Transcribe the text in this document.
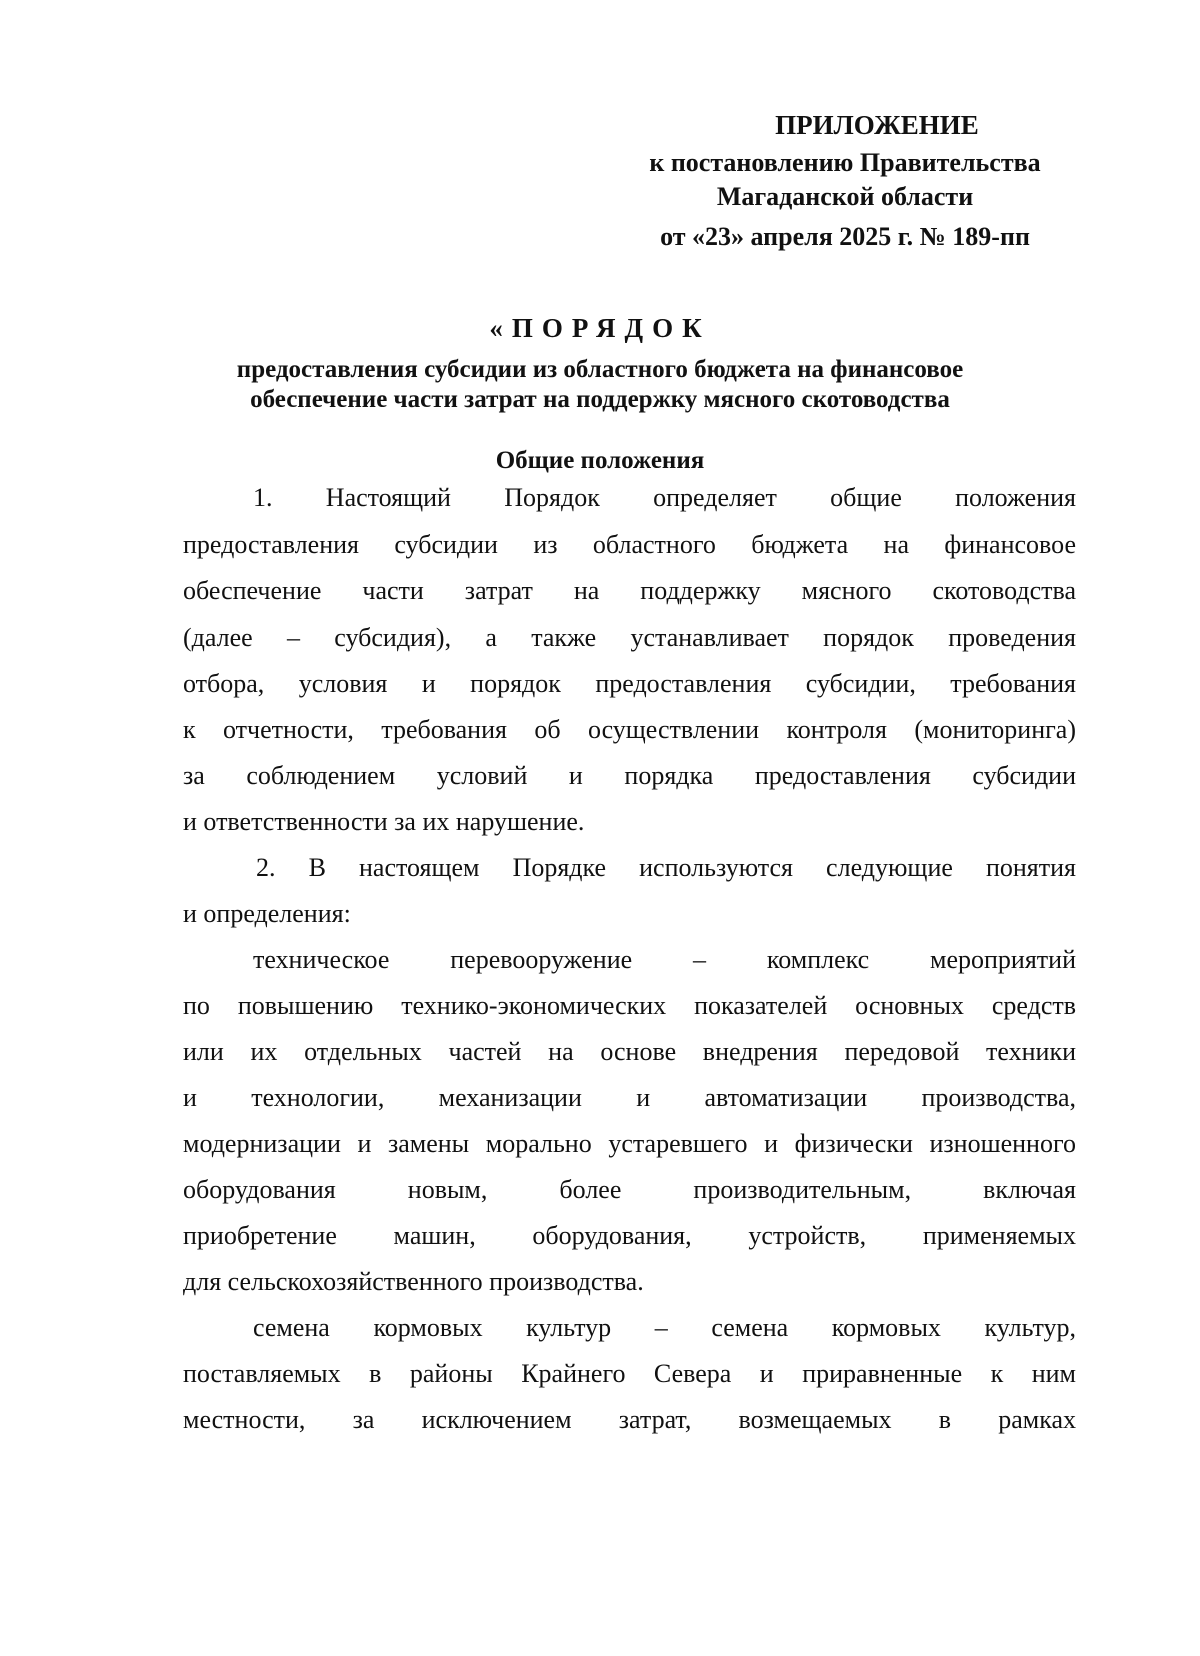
ПРИЛОЖЕНИЕ
к постановлению Правительства
Магаданской области
от «23» апреля 2025 г. № 189-пп
«ПОРЯДОК
предоставления субсидии из областного бюджета на финансовое
обеспечение части затрат на поддержку мясного скотоводства
Общие положения
1. Настоящий Порядок определяет общие положения
предоставления субсидии из областного бюджета на финансовое
обеспечение части затрат на поддержку мясного скотоводства
(далее – субсидия), а также устанавливает порядок проведения
отбора, условия и порядок предоставления субсидии, требования
к отчетности, требования об осуществлении контроля (мониторинга)
за соблюдением условий и порядка предоставления субсидии
и ответственности за их нарушение.
2. В настоящем Порядке используются следующие понятия
и определения:
техническое перевооружение – комплекс мероприятий
по повышению технико-экономических показателей основных средств
или их отдельных частей на основе внедрения передовой техники
и технологии, механизации и автоматизации производства,
модернизации и замены морально устаревшего и физически изношенного
оборудования новым, более производительным, включая
приобретение машин, оборудования, устройств, применяемых
для сельскохозяйственного производства.
семена кормовых культур – семена кормовых культур,
поставляемых в районы Крайнего Севера и приравненные к ним
местности, за исключением затрат, возмещаемых в рамках
